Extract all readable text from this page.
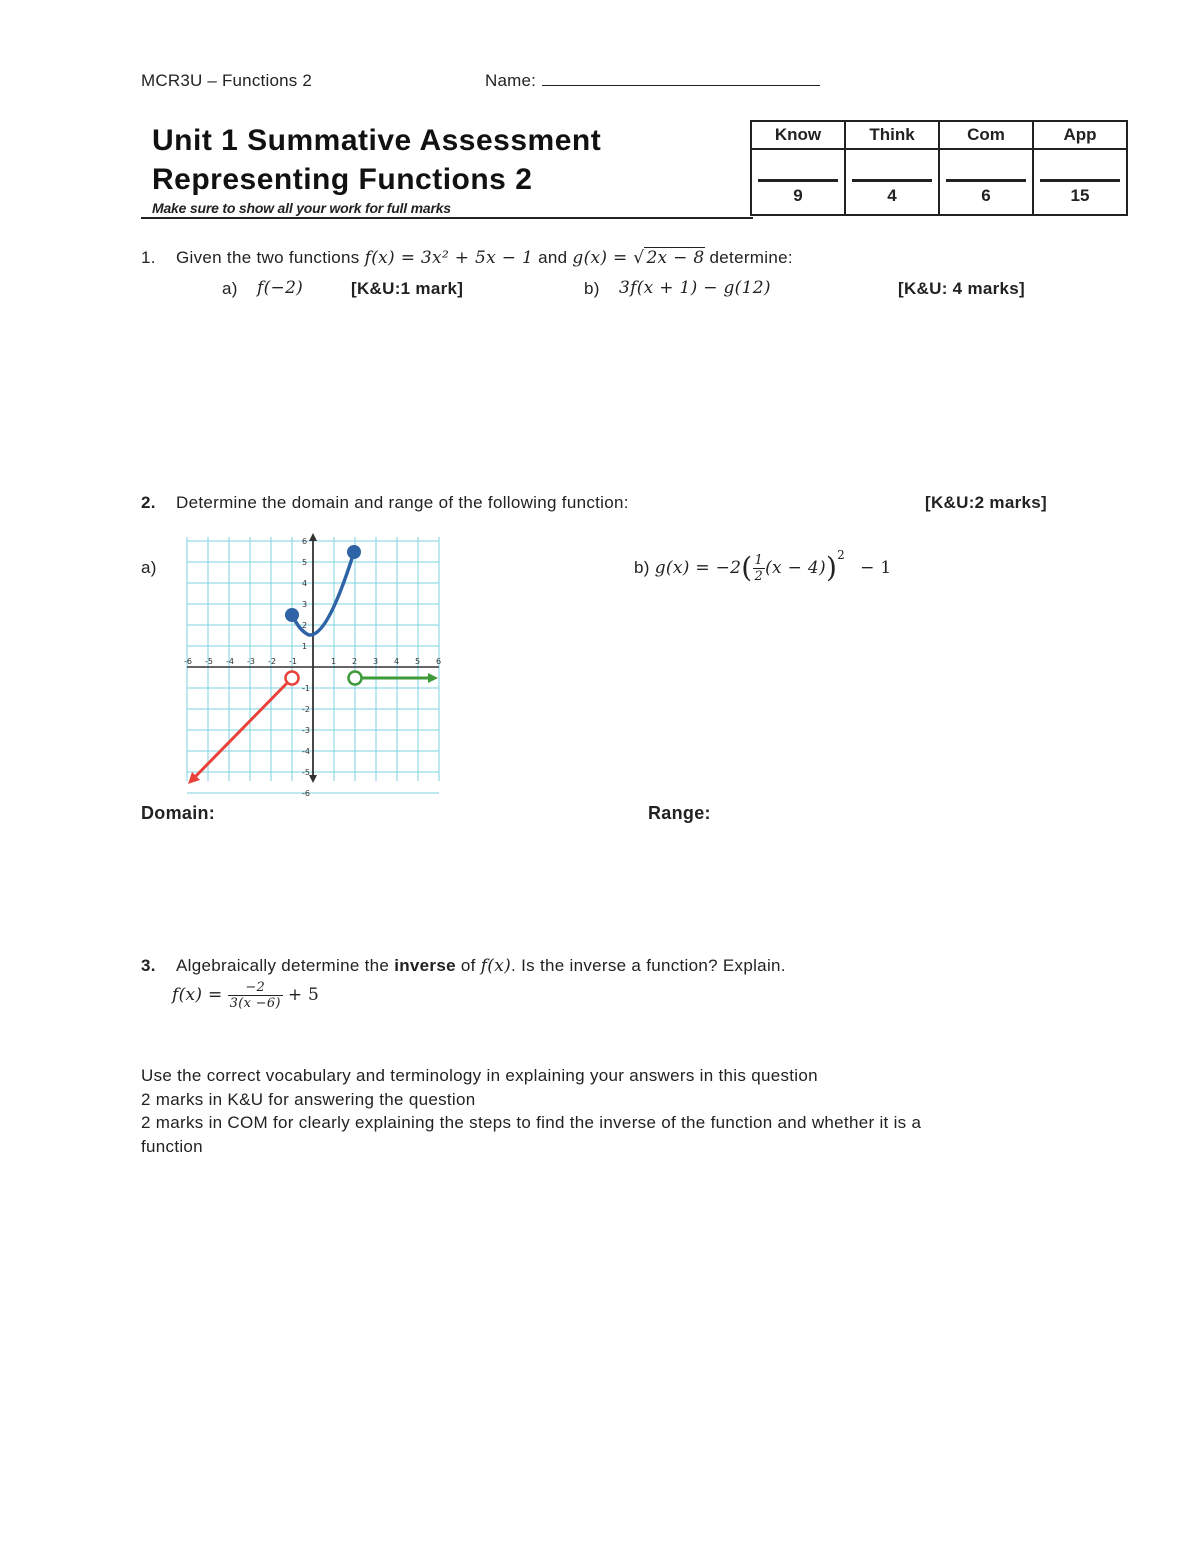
MCR3U – Functions 2	Name:
Unit 1 Summative Assessment
Representing Functions 2
Make sure to show all your work for full marks
Know	Think	Com	App

9	4	6	15
1. Given the two functions f(x) = 3x² + 5x − 1 and g(x) = √ 2x − 8 determine:
a) f(−2)	[K&U:1 mark]	b) 3f(x + 1) − g(12)	[K&U: 4 marks]
2. Determine the domain and range of the following function:	[K&U:2 marks]
a)
-6 -5 -4 -3 -2 -1	1 2 3 4 5 6
6
5
4
3
2
1
-1
-2
-3
-4
-5
-6
b) $g(x) = -2( \frac{1}{2} (x - 4))^2 - 1$
Domain:	Range:
3. Algebraically determine the inverse of f(x). Is the inverse a function? Explain.
$f(x) = \frac{-2}{3(x -6)} + 5$
Use the correct vocabulary and terminology in explaining your answers in this question
2 marks in K&U for answering the question
2 marks in COM for clearly explaining the steps to find the inverse of the function and whether it is a
function
